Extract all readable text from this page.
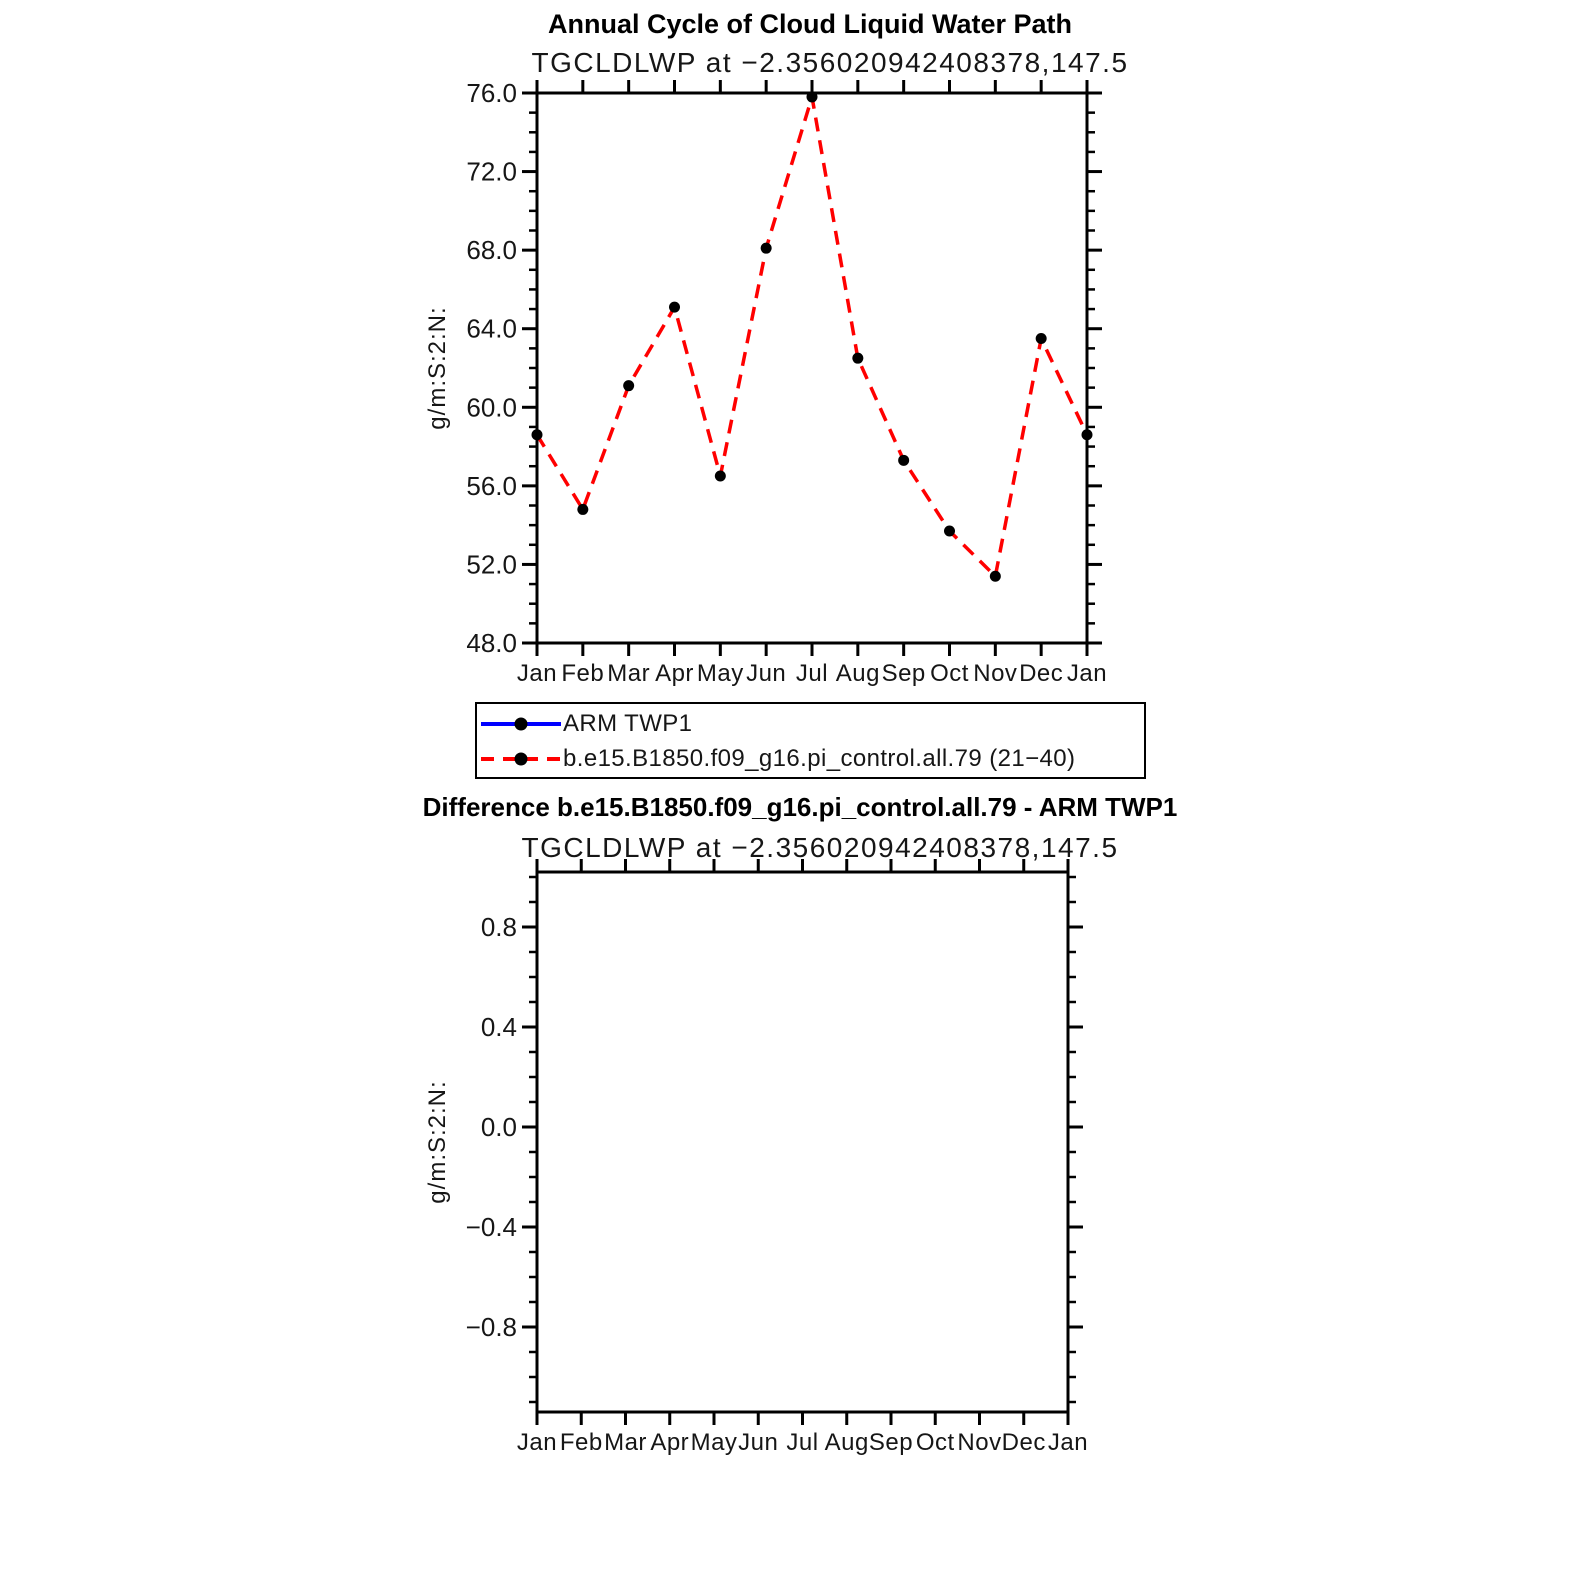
48.0
52.0
56.0
60.0
64.0
68.0
72.0
76.0
Jan Feb Mar Apr May Jun Jul Aug Sep Oct Nov Dec Jan
g/m:S:2:N:
−0.8
−0.4
0.0
0.4
0.8
Jan Feb Mar Apr May Jun Jul Aug Sep Oct Nov Dec Jan
g/m:S:2:N:
Annual Cycle of Cloud Liquid Water Path
TGCLDLWP at −2.356020942408378,147.5
ARM TWP1
b.e15.B1850.f09_g16.pi_control.all.79 (21−40)
Difference b.e15.B1850.f09_g16.pi_control.all.79 - ARM TWP1
TGCLDLWP at −2.356020942408378,147.5
